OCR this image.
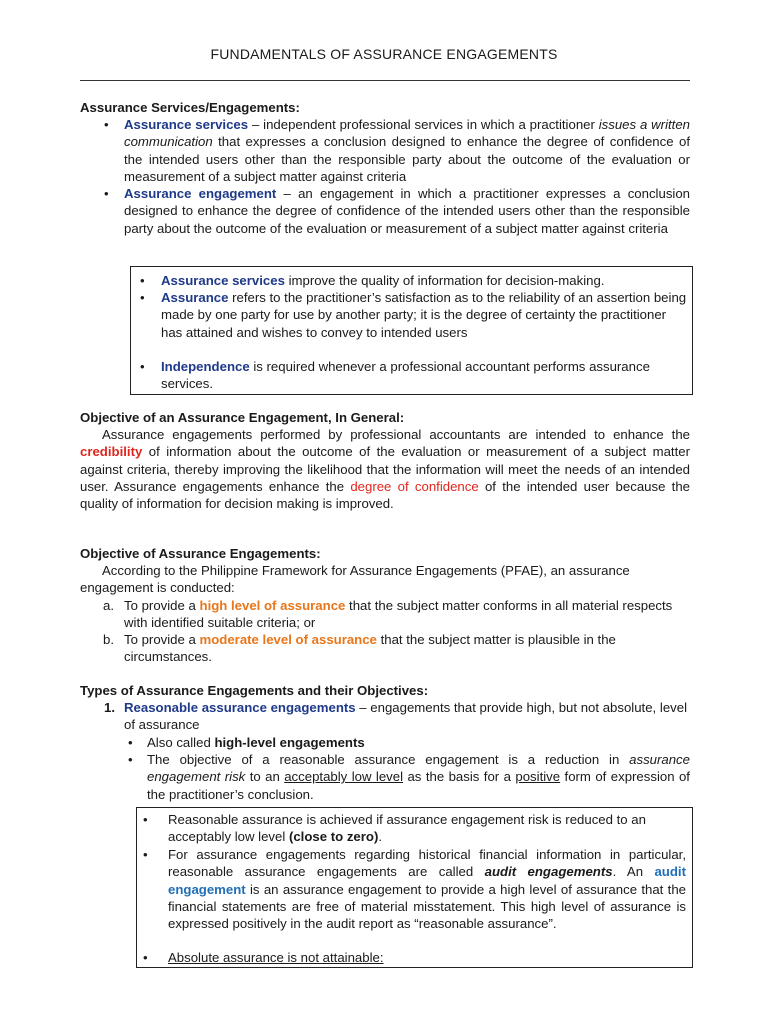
FUNDAMENTALS OF ASSURANCE ENGAGEMENTS
Assurance Services/Engagements:
• Assurance services – independent professional services in which a practitioner issues a written communication that expresses a conclusion designed to enhance the degree of confidence of the intended users other than the responsible party about the outcome of the evaluation or measurement of a subject matter against criteria
• Assurance engagement – an engagement in which a practitioner expresses a conclusion designed to enhance the degree of confidence of the intended users other than the responsible party about the outcome of the evaluation or measurement of a subject matter against criteria
• Assurance services improve the quality of information for decision-making.
• Assurance refers to the practitioner’s satisfaction as to the reliability of an assertion being made by one party for use by another party; it is the degree of certainty the practitioner has attained and wishes to convey to intended users
• Independence is required whenever a professional accountant performs assurance services.
Objective of an Assurance Engagement, In General:
Assurance engagements performed by professional accountants are intended to enhance the credibility of information about the outcome of the evaluation or measurement of a subject matter against criteria, thereby improving the likelihood that the information will meet the needs of an intended user. Assurance engagements enhance the degree of confidence of the intended user because the quality of information for decision making is improved.
Objective of Assurance Engagements:
According to the Philippine Framework for Assurance Engagements (PFAE), an assurance engagement is conducted:
a. To provide a high level of assurance that the subject matter conforms in all material respects with identified suitable criteria; or
b. To provide a moderate level of assurance that the subject matter is plausible in the circumstances.
Types of Assurance Engagements and their Objectives:
1. Reasonable assurance engagements – engagements that provide high, but not absolute, level of assurance
• Also called high-level engagements
• The objective of a reasonable assurance engagement is a reduction in assurance engagement risk to an acceptably low level as the basis for a positive form of expression of the practitioner’s conclusion.
• Reasonable assurance is achieved if assurance engagement risk is reduced to an acceptably low level (close to zero).
• For assurance engagements regarding historical financial information in particular, reasonable assurance engagements are called audit engagements. An audit engagement is an assurance engagement to provide a high level of assurance that the financial statements are free of material misstatement. This high level of assurance is expressed positively in the audit report as “reasonable assurance”.
• Absolute assurance is not attainable:
